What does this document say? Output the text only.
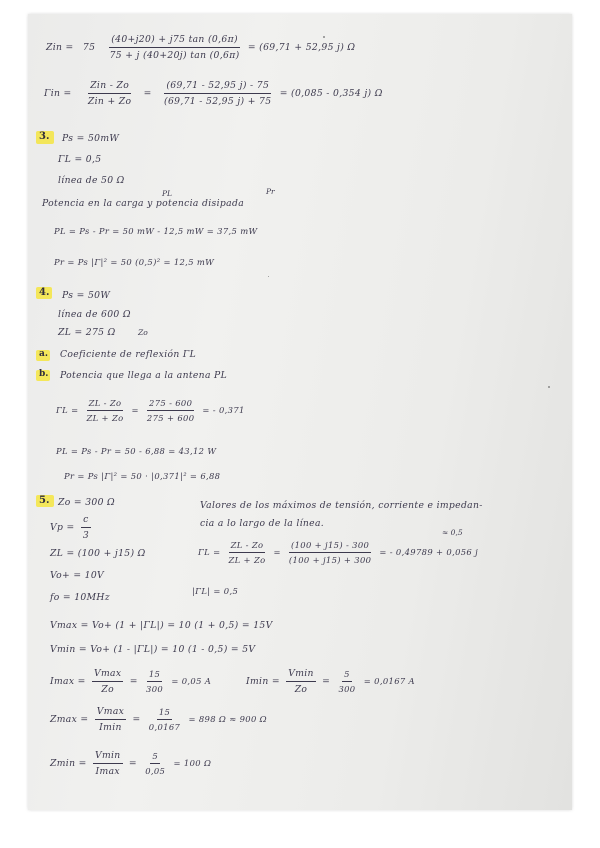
Zin = $75 \frac{(40+j20) + j75 \tan (0,6\pi)}{75 + j (40+20j) \tan (0,6\pi)} = (69,71 + 52,95$ j) Ω
$\Gamma in = \frac{\text{Zin - Zo}}{\text{Zin + Zo}} = \frac{(69,71 - 52,95 j) - 75}{(69,71 - 52,95 j) + 75} = (0,085 - 0,354$ j) Ω
3. Ps = 50mW
ΓL = 0,5
línea de 50 Ω
PL	Pr
Potencia en la carga y potencia disipada
PL = Ps - Pr = 50 mW - 12,5 mW = 37,5 mW
Pr = Ps |Γ|² = 50 (0,5)² = 12,5 mW
4. Ps = 50W
línea de 600 Ω
ZL = 275 Ω	Zo
a. Coeficiente de reflexión ΓL
b. Potencia que llega a la antena PL
$\Gamma L = \frac{ZL - Zo}{ZL + Zo} = \frac{275 - 600}{275 + 600}$ = - 0,371
PL = Ps - Pr = 50 - 6,88 = 43,12 W
Pr = Ps |Γ|² = 50 · |0,371|² = 6,88
5. Zo = 300 Ω
$Vp = \frac{c}{3}$
ZL = (100 + j15) Ω
Vo+ = 10V
fo = 10MHz
Valores de los máximos de tensión, corriente e impedan-
cia a lo largo de la línea.
≈ 0,5
$\Gamma L = \frac{ZL - Zo}{ZL + Zo} = \frac{(100 + j15) - 300}{(100 + j15) + 300}$ = - 0,49789 + 0,056 j
|ΓL| = 0,5
Vmax = Vo+ (1 + |ΓL|) = 10 (1 + 0,5) = 15V
Vmin = Vo+ (1 - |ΓL|) = 10 (1 - 0,5) = 5V
$Imax = \frac{Vmax}{Zo} = \frac{15}{300} = 0,05$ A	$Imin = \frac{Vmin}{Zo} = \frac{5}{300} = 0,0167$ A
$Zmax = \frac{Vmax}{Imin} = \frac{15}{0,0167} = 898$ Ω ≈ 900 Ω
$Zmin = \frac{Vmin}{Imax} = \frac{5}{0,05} = 100$ Ω
